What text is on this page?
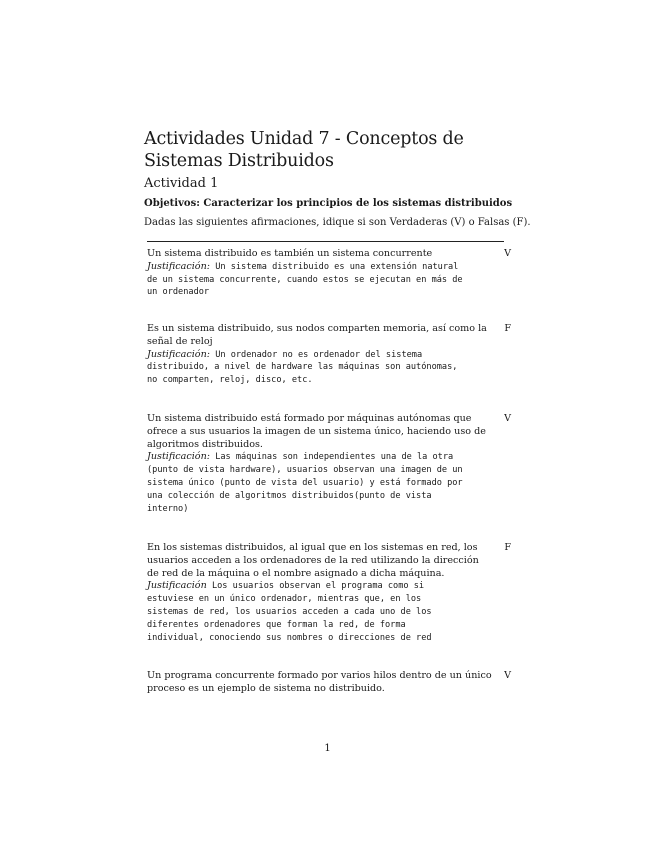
Actividades Unidad 7 - Conceptos de Sistemas Distribuidos
Actividad 1
Objetivos: Caracterizar los principios de los sistemas distribuidos
Dadas las siguientes afirmaciones, idique si son Verdaderas (V) o Falsas (F).
Un sistema distribuido es también un sistema concurrente	V
Justificación: Un sistema distribuido es una extensión natural
de un sistema concurrente, cuando estos se ejecutan en más de
un ordenador
Es un sistema distribuido, sus nodos comparten memoria, así como la señal de reloj
F
Justificación: Un ordenador no es ordenador del sistema
distribuido, a nivel de hardware las máquinas son autónomas,
no comparten, reloj, disco, etc.
Un sistema distribuido está formado por máquinas autónomas que ofrece a sus usuarios la imagen de un sistema único, haciendo uso de algoritmos distribuidos.
V
Justificación: Las máquinas son independientes una de la otra
(punto de vista hardware), usuarios observan una imagen de un
sistema único (punto de vista del usuario) y está formado por
una colección de algoritmos distribuidos(punto de vista
interno)
En los sistemas distribuidos, al igual que en los sistemas en red, los usuarios acceden a los ordenadores de la red utilizando la dirección de red de la máquina o el nombre asignado a dicha máquina.
F
Justificación Los usuarios observan el programa como si
estuviese en un único ordenador, mientras que, en los
sistemas de red, los usuarios acceden a cada uno de los
diferentes ordenadores que forman la red, de forma
individual, conociendo sus nombres o direcciones de red
Un programa concurrente formado por varios hilos dentro de un único proceso es un ejemplo de sistema no distribuido.
V
1
